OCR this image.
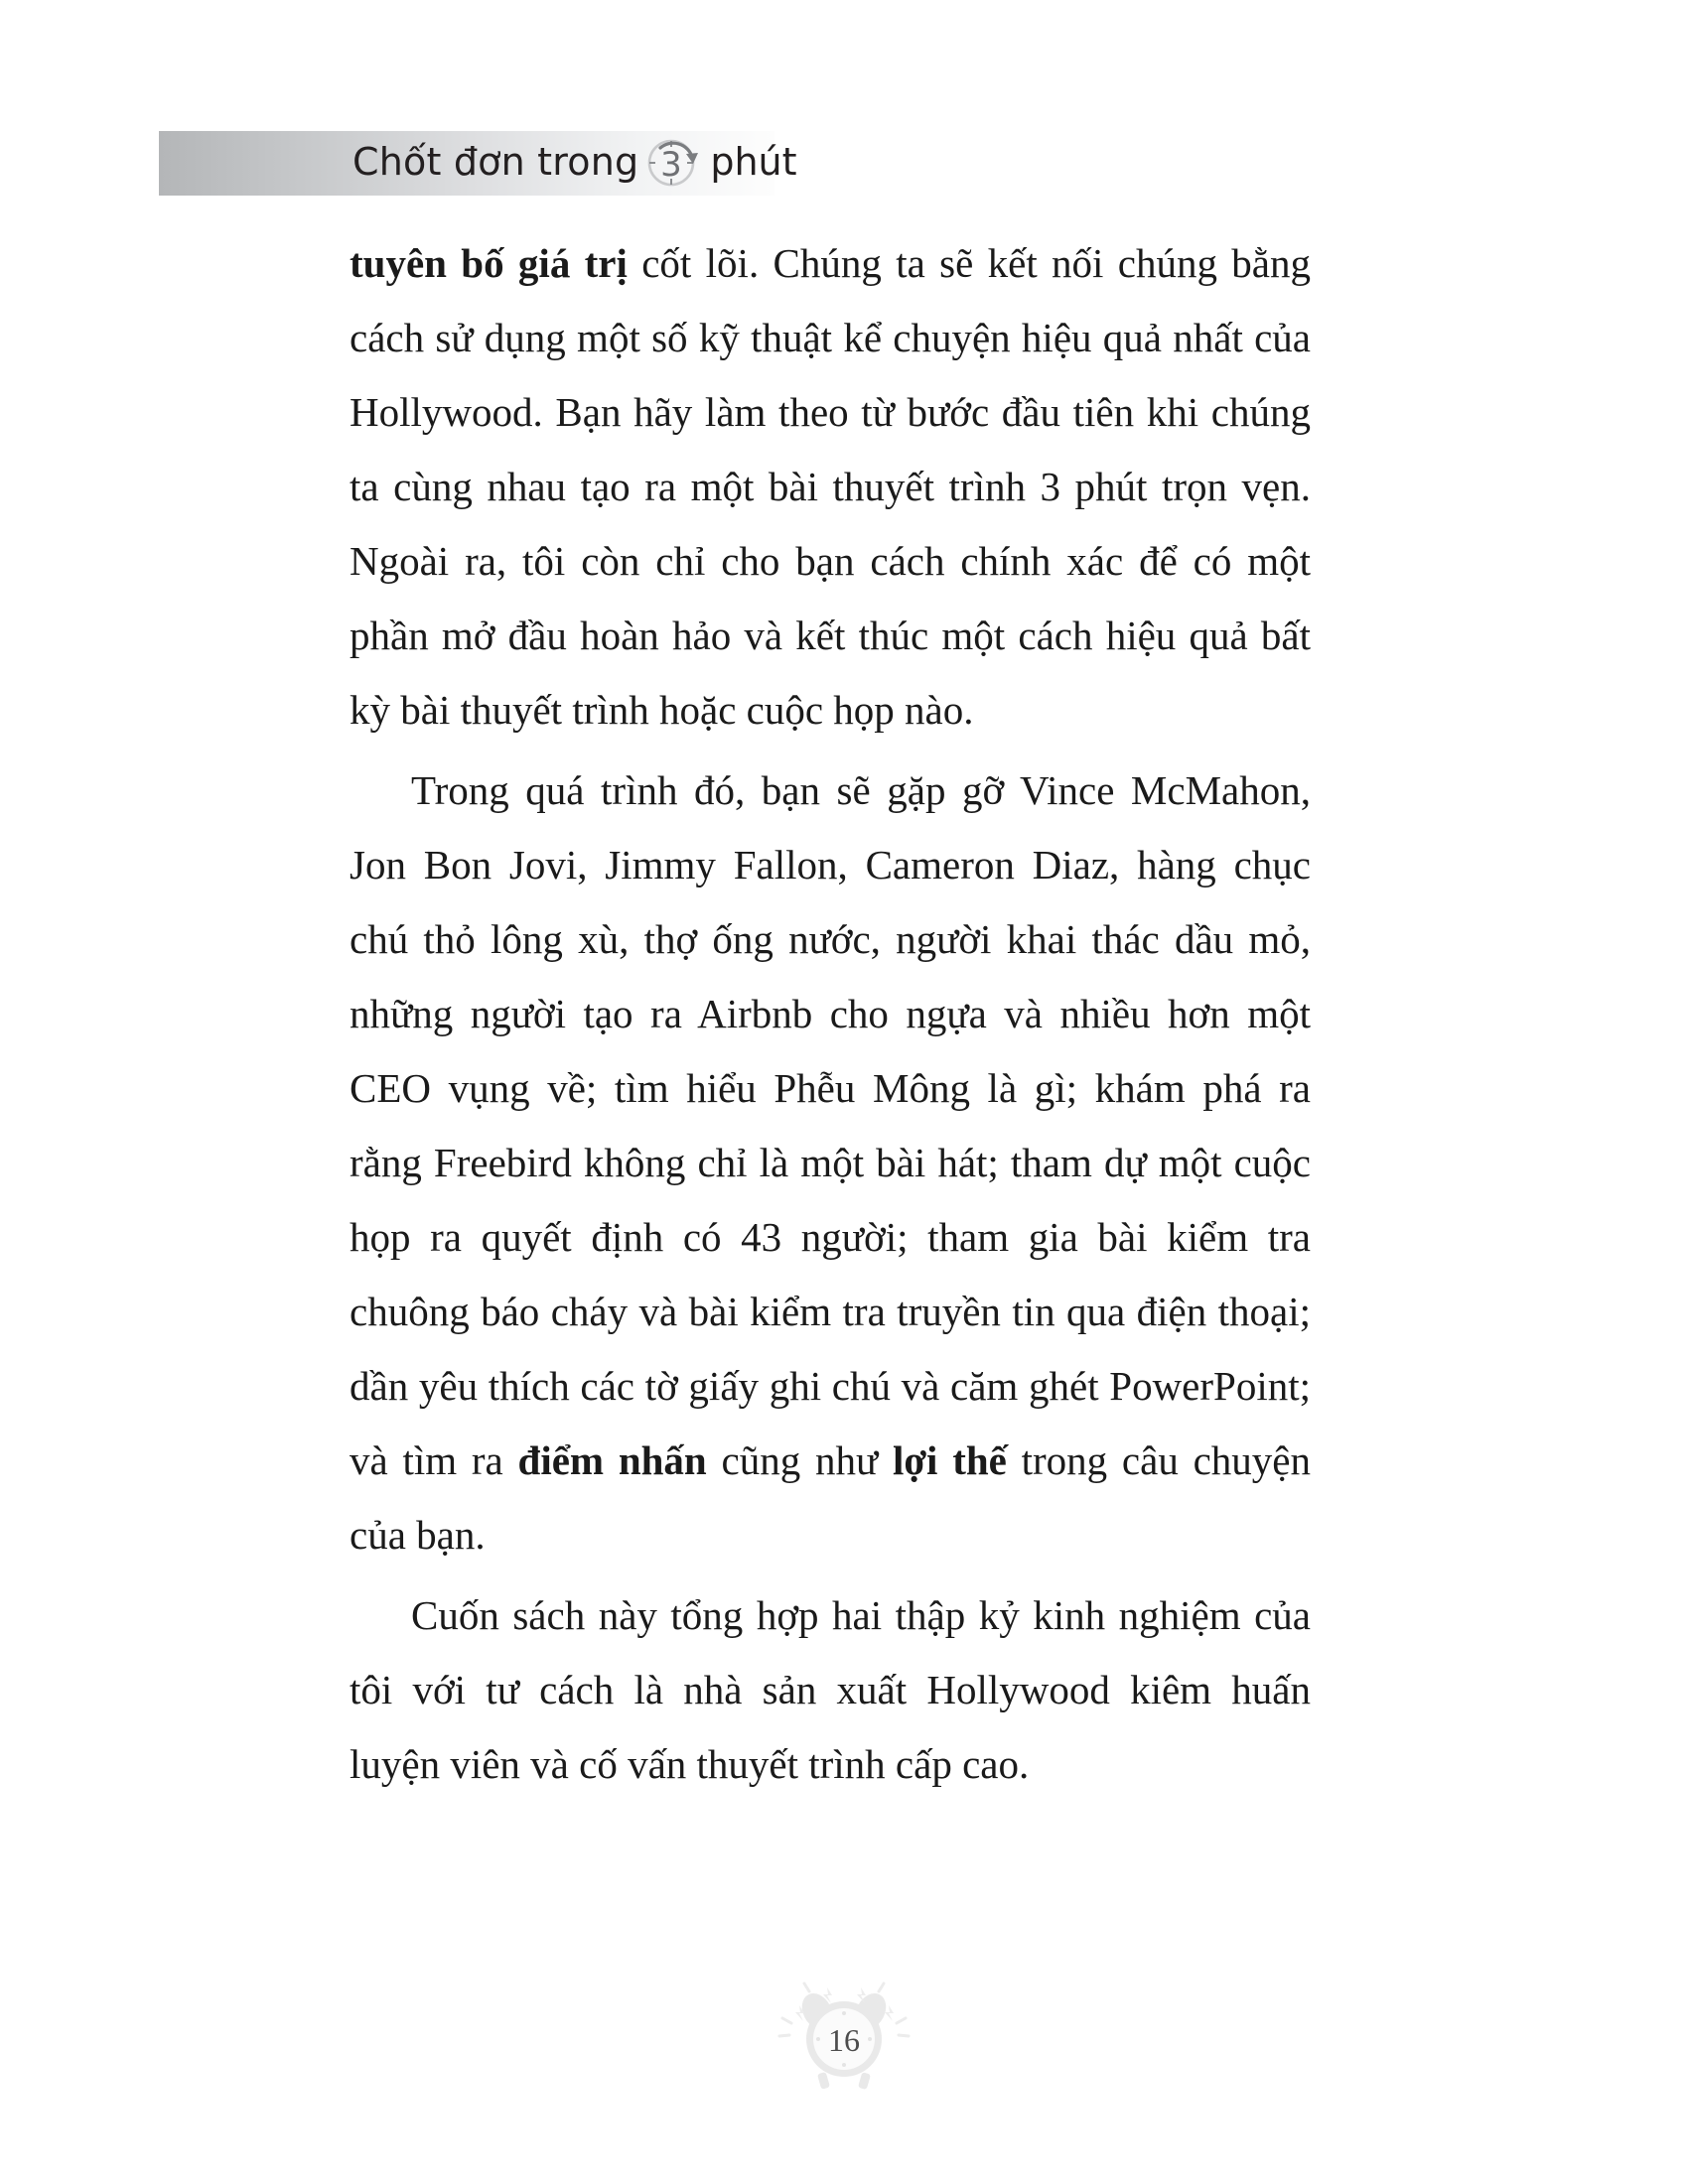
Chốt đơn trong 3 phút

tuyên bố giá trị cốt lõi. Chúng ta sẽ kết nối chúng bằng cách sử dụng một số kỹ thuật kể chuyện hiệu quả nhất của Hollywood. Bạn hãy làm theo từ bước đầu tiên khi chúng ta cùng nhau tạo ra một bài thuyết trình 3 phút trọn vẹn. Ngoài ra, tôi còn chỉ cho bạn cách chính xác để có một phần mở đầu hoàn hảo và kết thúc một cách hiệu quả bất kỳ bài thuyết trình hoặc cuộc họp nào.

Trong quá trình đó, bạn sẽ gặp gỡ Vince McMahon, Jon Bon Jovi, Jimmy Fallon, Cameron Diaz, hàng chục chú thỏ lông xù, thợ ống nước, người khai thác dầu mỏ, những người tạo ra Airbnb cho ngựa và nhiều hơn một CEO vụng về; tìm hiểu Phễu Mông là gì; khám phá ra rằng Freebird không chỉ là một bài hát; tham dự một cuộc họp ra quyết định có 43 người; tham gia bài kiểm tra chuông báo cháy và bài kiểm tra truyền tin qua điện thoại; dần yêu thích các tờ giấy ghi chú và căm ghét PowerPoint; và tìm ra điểm nhấn cũng như lợi thế trong câu chuyện của bạn.

Cuốn sách này tổng hợp hai thập kỷ kinh nghiệm của tôi với tư cách là nhà sản xuất Hollywood kiêm huấn luyện viên và cố vấn thuyết trình cấp cao.

16
